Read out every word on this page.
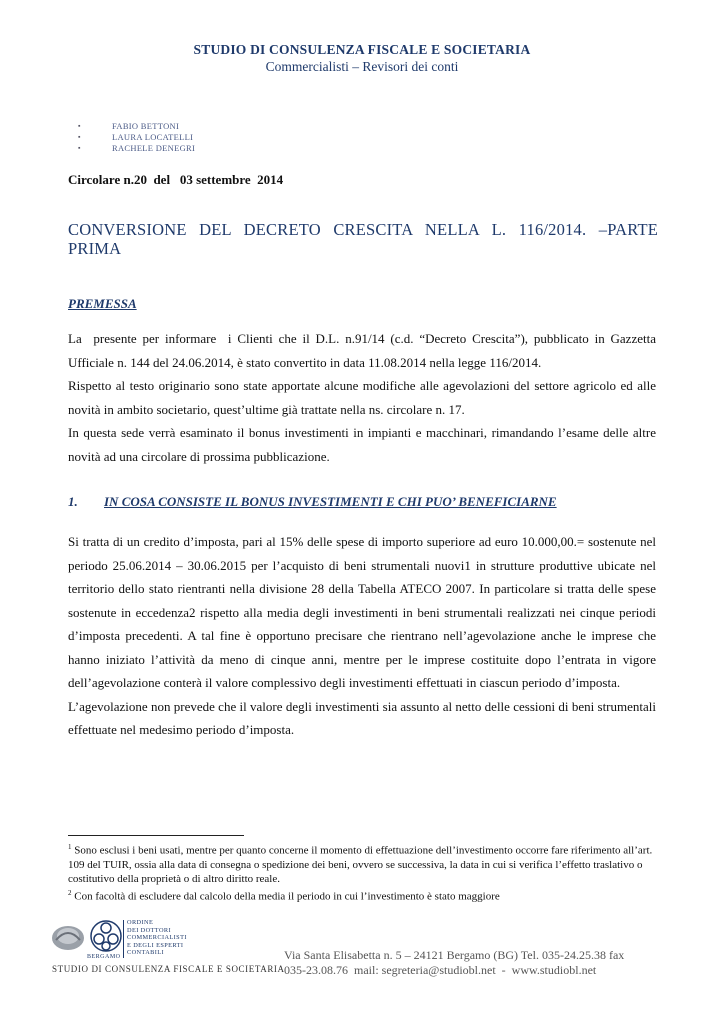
STUDIO DI CONSULENZA FISCALE E SOCIETARIA
Commercialisti – Revisori dei conti
▪ FABIO BETTONI
▪ LAURA LOCATELLI
▪ RACHELE DENEGRI
Circolare n.20  del   03 settembre  2014
CONVERSIONE DEL DECRETO CRESCITA NELLA L. 116/2014. –PARTE PRIMA
PREMESSA

La  presente per informare  i Clienti che il D.L. n.91/14 (c.d. “Decreto Crescita”), pubblicato in Gazzetta Ufficiale n. 144 del 24.06.2014, è stato convertito in data 11.08.2014 nella legge 116/2014.

Rispetto al testo originario sono state apportate alcune modifiche alle agevolazioni del settore agricolo ed alle novità in ambito societario, quest’ultime già trattate nella ns. circolare n. 17.

In questa sede verrà esaminato il bonus investimenti in impianti e macchinari, rimandando l’esame delle altre novità ad una circolare di prossima pubblicazione.

1. IN COSA CONSISTE IL BONUS INVESTIMENTI E CHI PUO’ BENEFICIARNE

Si tratta di un credito d’imposta, pari al 15% delle spese di importo superiore ad euro 10.000,00.= sostenute nel periodo 25.06.2014 – 30.06.2015 per l’acquisto di beni strumentali nuovi1 in strutture produttive ubicate nel territorio dello stato rientranti nella divisione 28 della Tabella ATECO 2007. In particolare si tratta delle spese sostenute in eccedenza2 rispetto alla media degli investimenti in beni strumentali realizzati nei cinque periodi d’imposta precedenti. A tal fine è opportuno precisare che rientrano nell’agevolazione anche le imprese che hanno iniziato l’attività da meno di cinque anni, mentre per le imprese costituite dopo l’entrata in vigore dell’agevolazione conterà il valore complessivo degli investimenti effettuati in ciascun periodo d’imposta.

L’agevolazione non prevede che il valore degli investimenti sia assunto al netto delle cessioni di beni strumentali effettuate nel medesimo periodo d’imposta.

$^1$ Sono esclusi i beni usati, mentre per quanto concerne il momento di effettuazione dell’investimento occorre fare riferimento all’art. 109 del TUIR, ossia alla data di consegna o spedizione dei beni, ovvero se successiva, la data in cui si verifica l’effetto traslativo o costitutivo della proprietà o di altro diritto reale.

$^2$ Con facoltà di escludere dal calcolo della media il periodo in cui l’investimento è stato maggiore

BERGAMO
ORDINE
DEI DOTTORI
COMMERCIALISTI
E DEGLI ESPERTI
CONTABILI
STUDIO DI CONSULENZA FISCALE E SOCIETARIA

Via Santa Elisabetta n. 5 – 24121 Bergamo (BG) Tel. 035-24.25.38 fax

035-23.08.76  mail: segreteria@studiobl.net  -  www.studiobl.net
